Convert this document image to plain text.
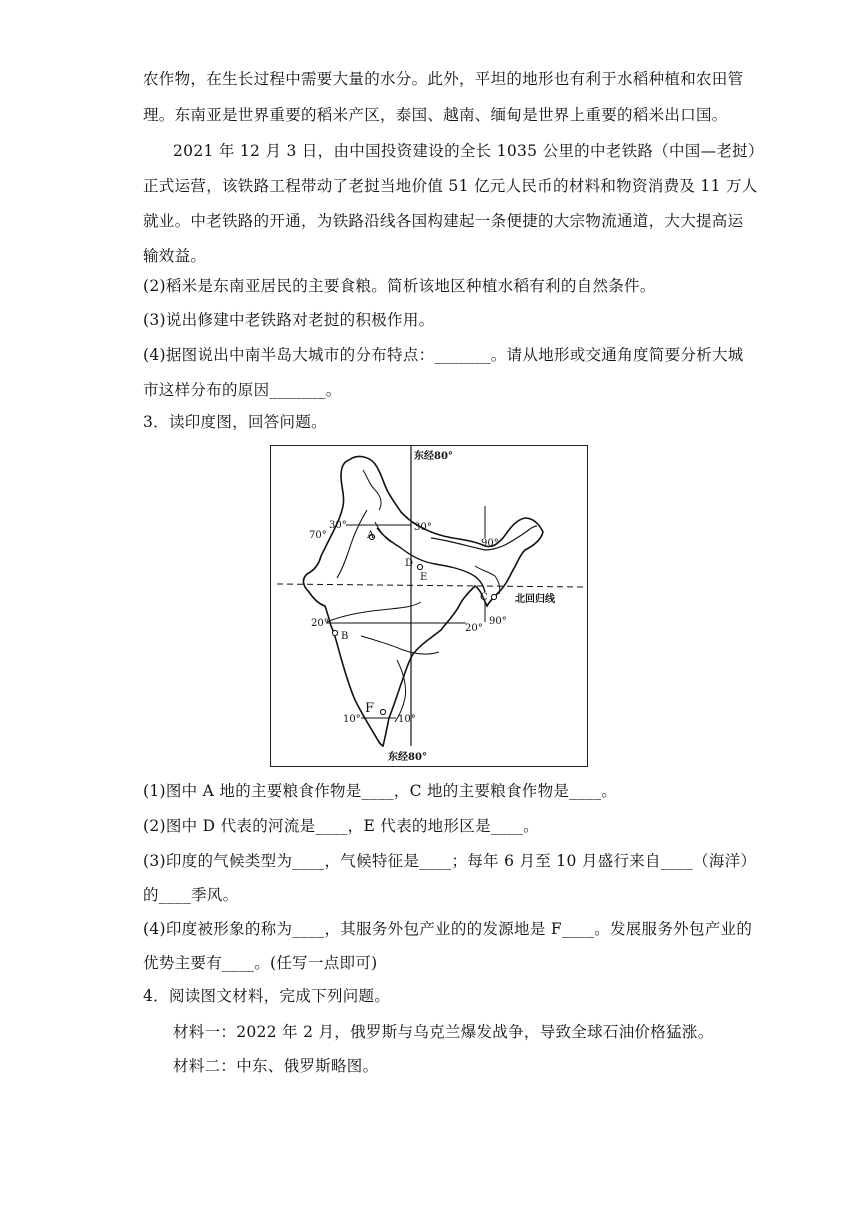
农作物，在生长过程中需要大量的水分。此外，平坦的地形也有利于水稻种植和农田管
理。东南亚是世界重要的稻米产区，泰国、越南、缅甸是世界上重要的稻米出口国。
2021 年 12 月 3 日，由中国投资建设的全长 1035 公里的中老铁路（中国—老挝）
正式运营，该铁路工程带动了老挝当地价值 51 亿元人民币的材料和物资消费及 11 万人
就业。中老铁路的开通，为铁路沿线各国构建起一条便捷的大宗物流通道，大大提高运
输效益。
(2)稻米是东南亚居民的主要食粮。简析该地区种植水稻有利的自然条件。
(3)说出修建中老铁路对老挝的积极作用。
(4)据图说出中南半岛大城市的分布特点：_______。请从地形或交通角度简要分析大城
市这样分布的原因_______。
3．读印度图，回答问题。
东经80°
东经80°
30°	30°
70°
90°
A
D
E
C	北回归线
20°	20°
90°
B
F
10°	10°
(1)图中 A 地的主要粮食作物是____，C 地的主要粮食作物是____。
(2)图中 D 代表的河流是____，E 代表的地形区是____。
(3)印度的气候类型为____，气候特征是____；每年 6 月至 10 月盛行来自____（海洋）
的____季风。
(4)印度被形象的称为____，其服务外包产业的的发源地是 F____。发展服务外包产业的
优势主要有____。(任写一点即可)
4．阅读图文材料，完成下列问题。
材料一：2022 年 2 月，俄罗斯与乌克兰爆发战争，导致全球石油价格猛涨。
材料二：中东、俄罗斯略图。
